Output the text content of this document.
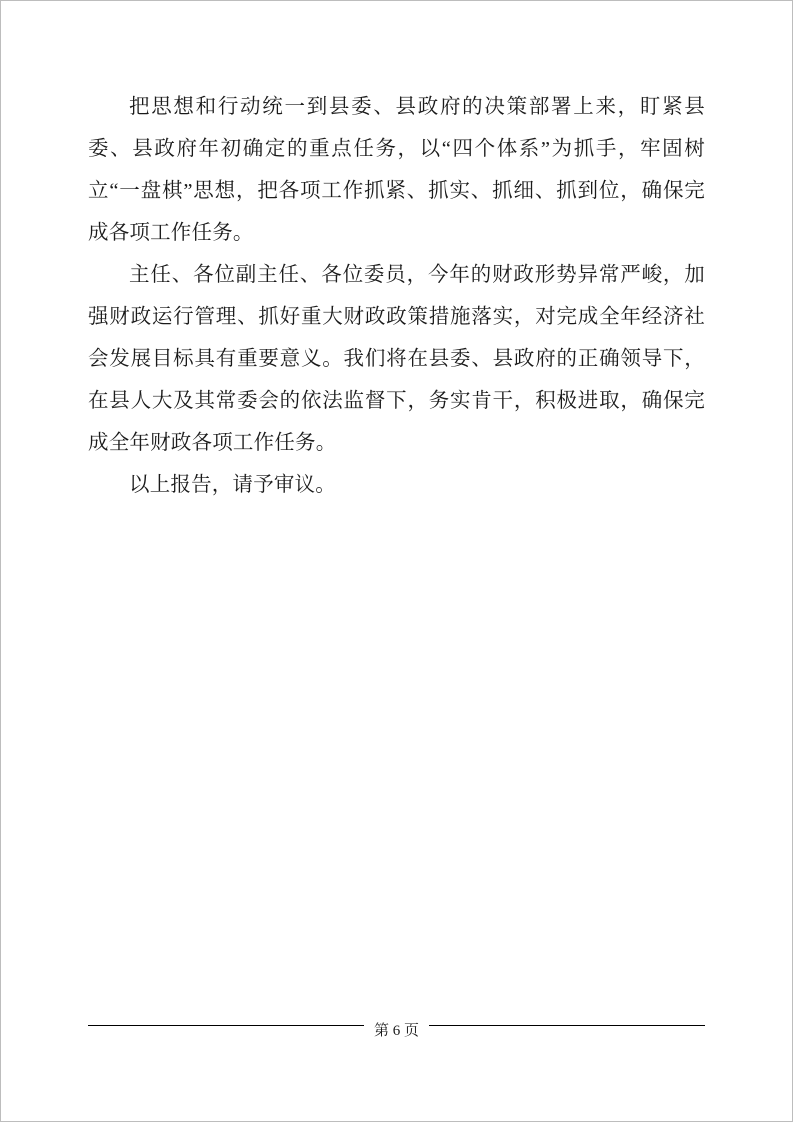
把思想和行动统一到县委、县政府的决策部署上来，盯紧县委、县政府年初确定的重点任务，以“四个体系”为抓手，牢固树立“一盘棋”思想，把各项工作抓紧、抓实、抓细、抓到位，确保完成各项工作任务。

主任、各位副主任、各位委员，今年的财政形势异常严峻，加强财政运行管理、抓好重大财政政策措施落实，对完成全年经济社会发展目标具有重要意义。我们将在县委、县政府的正确领导下，在县人大及其常委会的依法监督下，务实肯干，积极进取，确保完成全年财政各项工作任务。

以上报告，请予审议。

第 6 页
